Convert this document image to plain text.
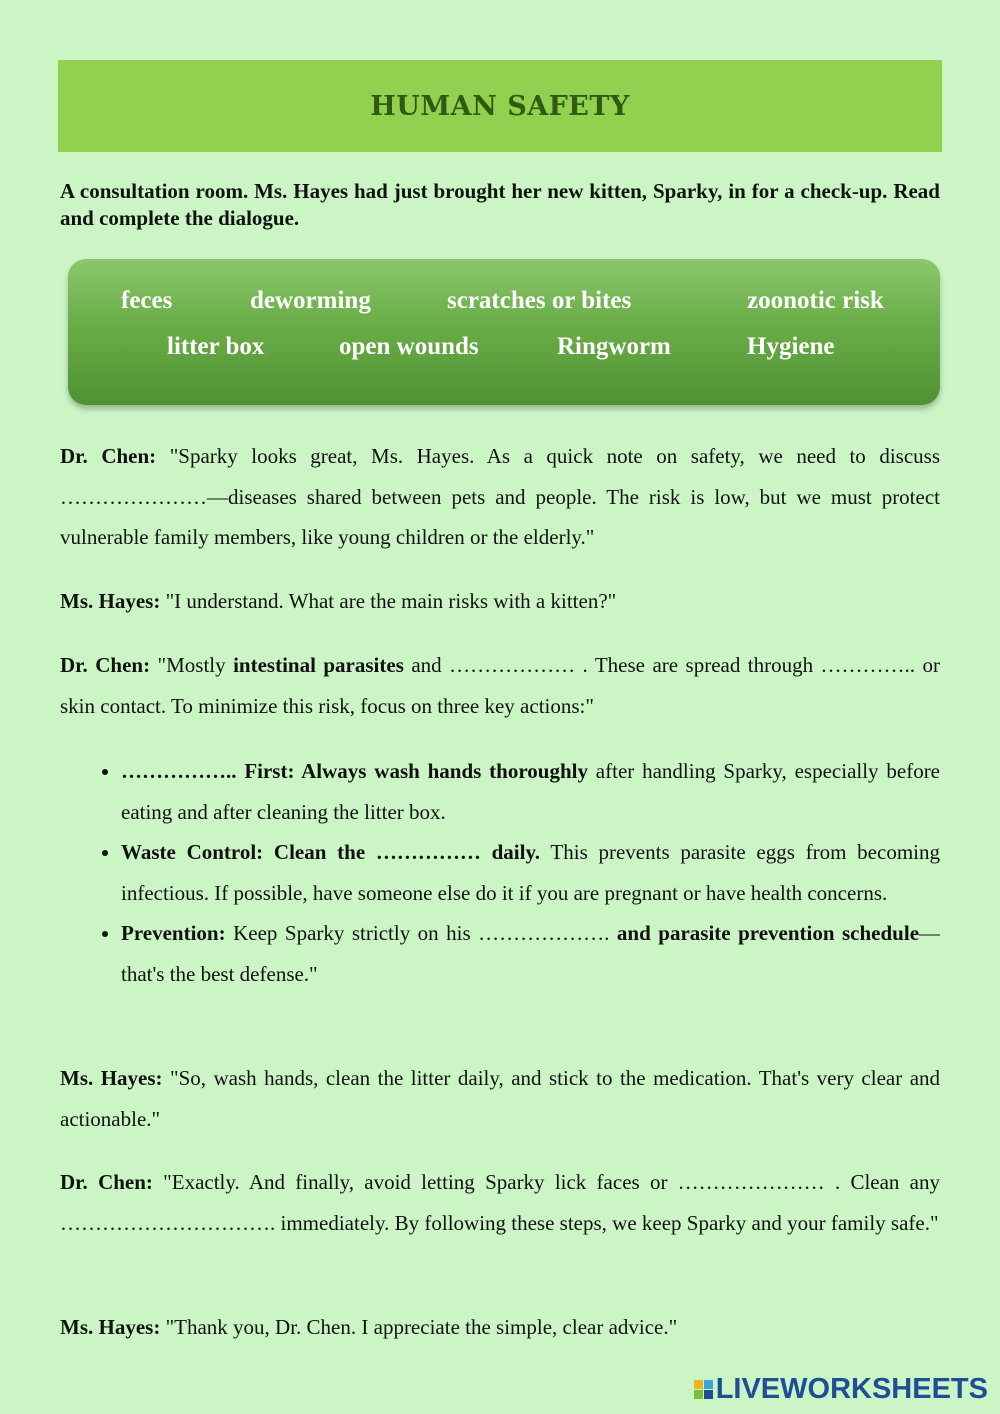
HUMAN SAFETY
A consultation room. Ms. Hayes had just brought her new kitten, Sparky, in for a check-up. Read and complete the dialogue.
feces	deworming	scratches or bites	zoonotic risk
litter box	open wounds	Ringworm	Hygiene
Dr. Chen: "Sparky looks great, Ms. Hayes. As a quick note on safety, we need to discuss …………………—diseases shared between pets and people. The risk is low, but we must protect vulnerable family members, like young children or the elderly."
Ms. Hayes: "I understand. What are the main risks with a kitten?"
Dr. Chen: "Mostly intestinal parasites and ……………… . These are spread through ………….. or skin contact. To minimize this risk, focus on three key actions:"
• …………….. First: Always wash hands thoroughly after handling Sparky, especially before eating and after cleaning the litter box.
• Waste Control: Clean the …………… daily. This prevents parasite eggs from becoming infectious. If possible, have someone else do it if you are pregnant or have health concerns.
• Prevention: Keep Sparky strictly on his ………………. and parasite prevention schedule—that's the best defense."
Ms. Hayes: "So, wash hands, clean the litter daily, and stick to the medication. That's very clear and actionable."
Dr. Chen: "Exactly. And finally, avoid letting Sparky lick faces or ………………… . Clean any …………………………. immediately. By following these steps, we keep Sparky and your family safe."
Ms. Hayes: "Thank you, Dr. Chen. I appreciate the simple, clear advice."
LIVEWORKSHEETS
